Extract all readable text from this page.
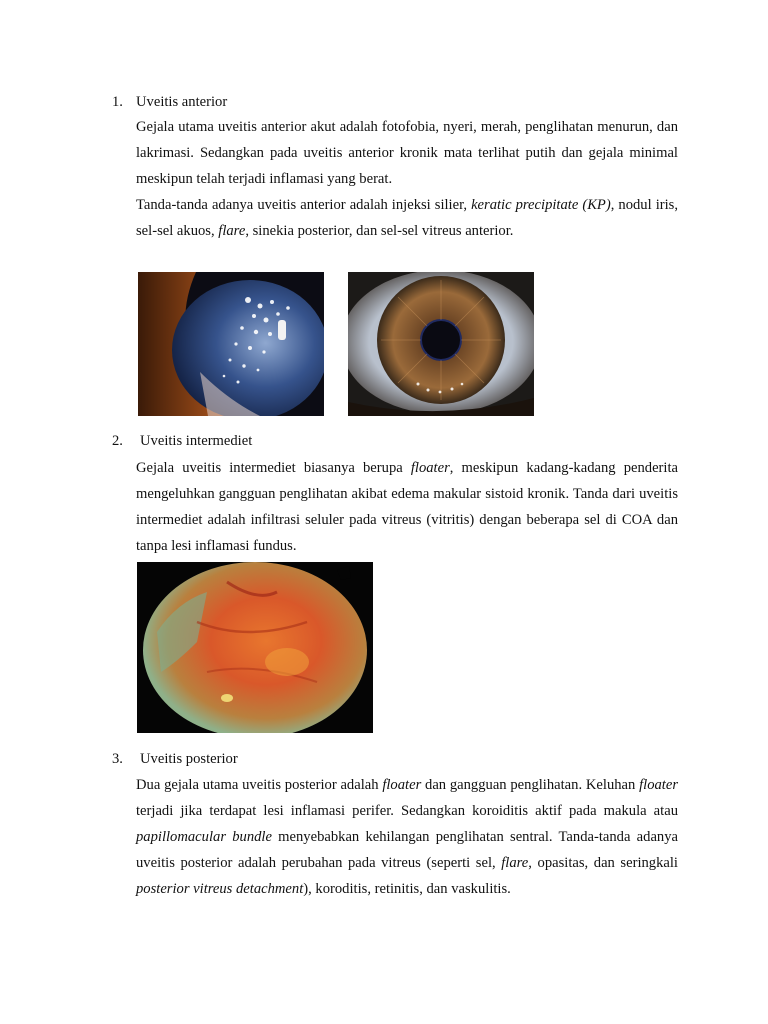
1. Uveitis anterior

Gejala utama uveitis anterior akut adalah fotofobia, nyeri, merah, penglihatan menurun, dan lakrimasi. Sedangkan pada uveitis anterior kronik mata terlihat putih dan gejala minimal meskipun telah terjadi inflamasi yang berat.

Tanda-tanda adanya uveitis anterior adalah injeksi silier, keratic precipitate (KP), nodul iris, sel-sel akuos, flare, sinekia posterior, dan sel-sel vitreus anterior.

2.	Uveitis intermediet

Gejala uveitis intermediet biasanya berupa floater, meskipun kadang-kadang penderita mengeluhkan gangguan penglihatan akibat edema makular sistoid kronik. Tanda dari uveitis intermediet adalah infiltrasi seluler pada vitreus (vitritis) dengan beberapa sel di COA dan tanpa lesi inflamasi fundus.

3.	Uveitis posterior

Dua gejala utama uveitis posterior adalah floater dan gangguan penglihatan. Keluhan floater terjadi jika terdapat lesi inflamasi perifer. Sedangkan koroiditis aktif pada makula atau papillomacular bundle menyebabkan kehilangan penglihatan sentral. Tanda-tanda adanya uveitis posterior adalah perubahan pada vitreus (seperti sel, flare, opasitas, dan seringkali posterior vitreus detachment), koroditis, retinitis, dan vaskulitis.
